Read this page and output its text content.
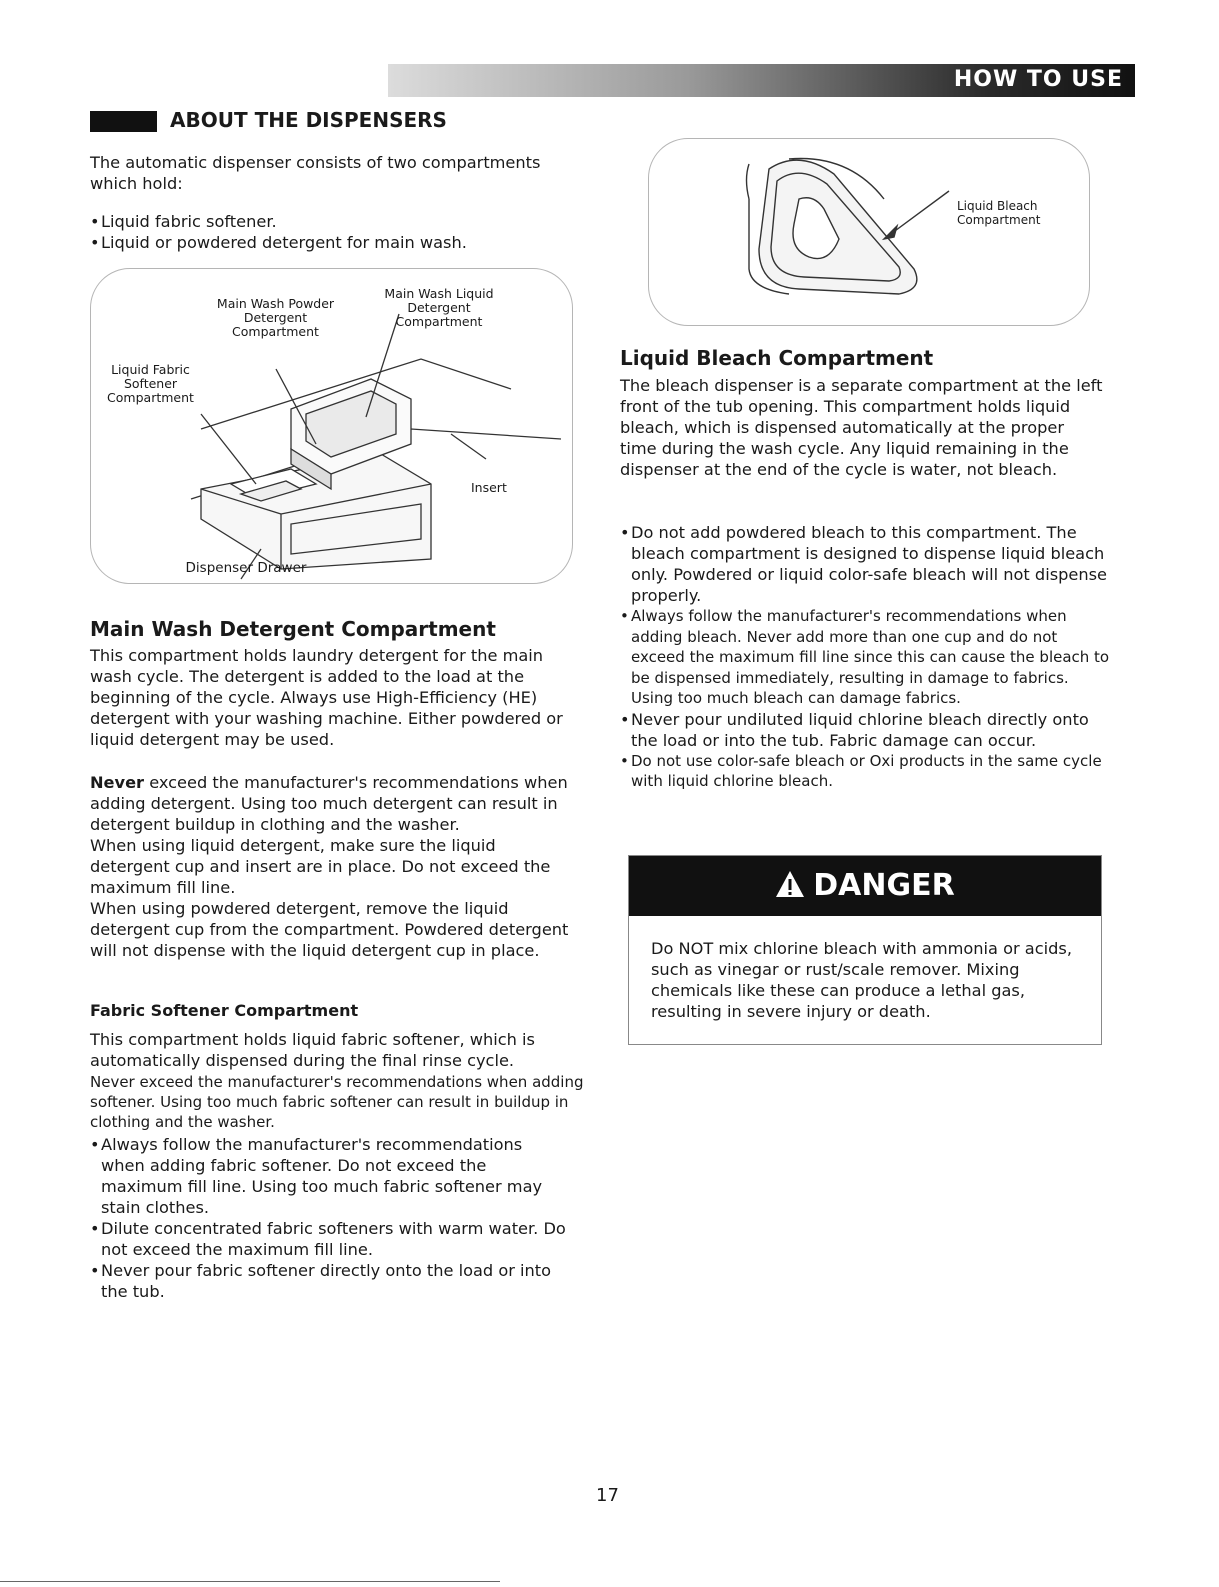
HOW TO USE
ABOUT THE DISPENSERS

The automatic dispenser consists of two compartments which hold:

• Liquid fabric softener.
• Liquid or powdered detergent for main wash.
Main Wash Powder Detergent Compartment
Main Wash Liquid Detergent Compartment
Liquid Fabric Softener Compartment
Insert
Dispenser Drawer
Main Wash Detergent Compartment

This compartment holds laundry detergent for the main wash cycle. The detergent is added to the load at the beginning of the cycle. Always use High-Efficiency (HE) detergent with your washing machine. Either powdered or liquid detergent may be used.

Never exceed the manufacturer's recommendations when adding detergent. Using too much detergent can result in detergent buildup in clothing and the washer.

When using liquid detergent, make sure the liquid detergent cup and insert are in place. Do not exceed the maximum fill line.

When using powdered detergent, remove the liquid detergent cup from the compartment. Powdered detergent will not dispense with the liquid detergent cup in place.

Fabric Softener Compartment

This compartment holds liquid fabric softener, which is automatically dispensed during the final rinse cycle.

Never exceed the manufacturer's recommendations when adding softener. Using too much fabric softener can result in buildup in clothing and the washer.

• Always follow the manufacturer's recommendations when adding fabric softener. Do not exceed the maximum fill line. Using too much fabric softener may stain clothes.
• Dilute concentrated fabric softeners with warm water. Do not exceed the maximum fill line.
• Never pour fabric softener directly onto the load or into the tub.
Liquid Bleach Compartment
Liquid Bleach Compartment

The bleach dispenser is a separate compartment at the left front of the tub opening. This compartment holds liquid bleach, which is dispensed automatically at the proper time during the wash cycle. Any liquid remaining in the dispenser at the end of the cycle is water, not bleach.

• Do not add powdered bleach to this compartment. The bleach compartment is designed to dispense liquid bleach only. Powdered or liquid color-safe bleach will not dispense properly.
• Always follow the manufacturer's recommendations when adding bleach. Never add more than one cup and do not exceed the maximum fill line since this can cause the bleach to be dispensed immediately, resulting in damage to fabrics. Using too much bleach can damage fabrics.
• Never pour undiluted liquid chlorine bleach directly onto the load or into the tub. Fabric damage can occur.
• Do not use color-safe bleach or Oxi products in the same cycle with liquid chlorine bleach.
DANGER
Do NOT mix chlorine bleach with ammonia or acids, such as vinegar or rust/scale remover. Mixing chemicals like these can produce a lethal gas, resulting in severe injury or death.
17
